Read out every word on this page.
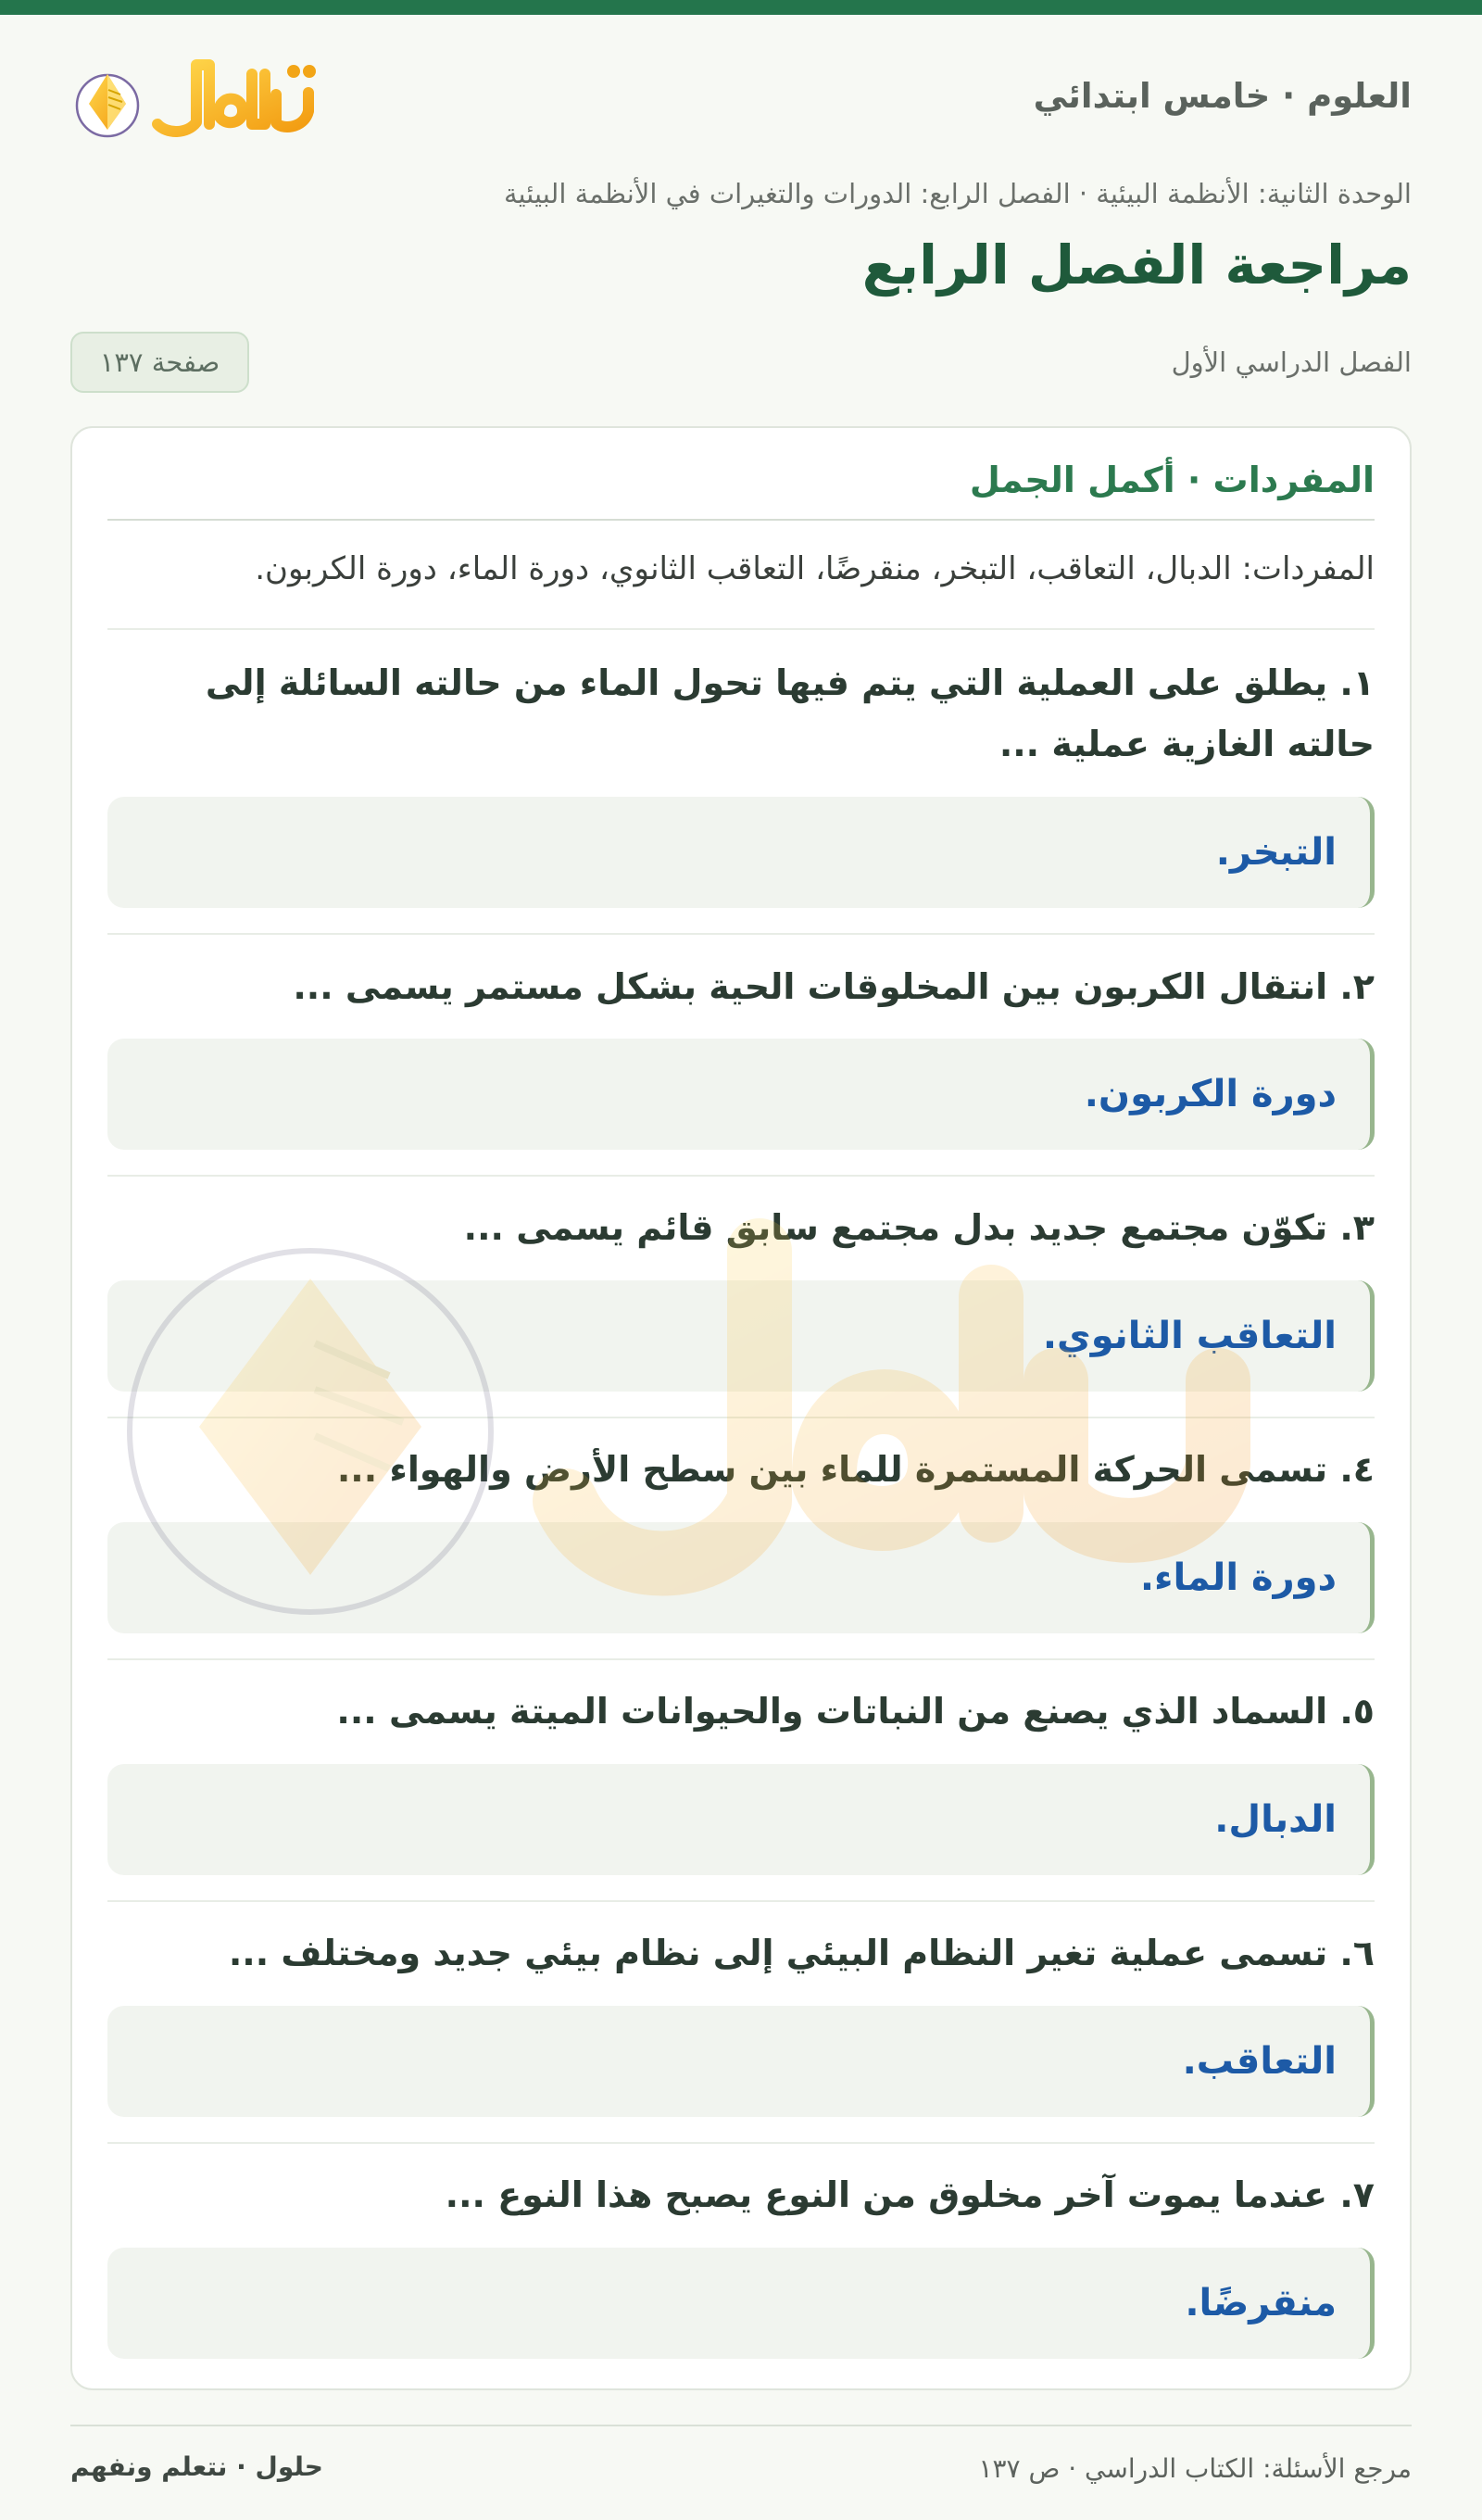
العلوم · خامس ابتدائي
الوحدة الثانية: الأنظمة البيئية · الفصل الرابع: الدورات والتغيرات في الأنظمة البيئية
مراجعة الفصل الرابع
الفصل الدراسي الأول
صفحة ١٣٧
المفردات · أكمل الجمل
المفردات: الدبال، التعاقب، التبخر، منقرضًا، التعاقب الثانوي، دورة الماء، دورة الكربون.
١. يطلق على العملية التي يتم فيها تحول الماء من حالته السائلة إلى حالته الغازية عملية ...
التبخر.
٢. انتقال الكربون بين المخلوقات الحية بشكل مستمر يسمى ...
دورة الكربون.
٣. تكوّن مجتمع جديد بدل مجتمع سابق قائم يسمى ...
التعاقب الثانوي.
٤. تسمى الحركة المستمرة للماء بين سطح الأرض والهواء ...
دورة الماء.
٥. السماد الذي يصنع من النباتات والحيوانات الميتة يسمى ...
الدبال.
٦. تسمى عملية تغير النظام البيئي إلى نظام بيئي جديد ومختلف ...
التعاقب.
٧. عندما يموت آخر مخلوق من النوع يصبح هذا النوع ...
منقرضًا.
مرجع الأسئلة: الكتاب الدراسي · ص ١٣٧
حلول · نتعلم ونفهم
